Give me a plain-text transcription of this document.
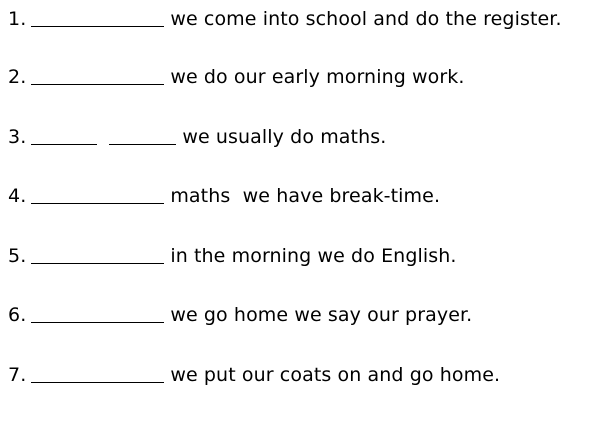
1.	we come into school and do the register.
2.	we do our early morning work.
3.	we usually do maths.
4.	maths  we have break-time.
5.	in the morning we do English.
6.	we go home we say our prayer.
7.	we put our coats on and go home.
